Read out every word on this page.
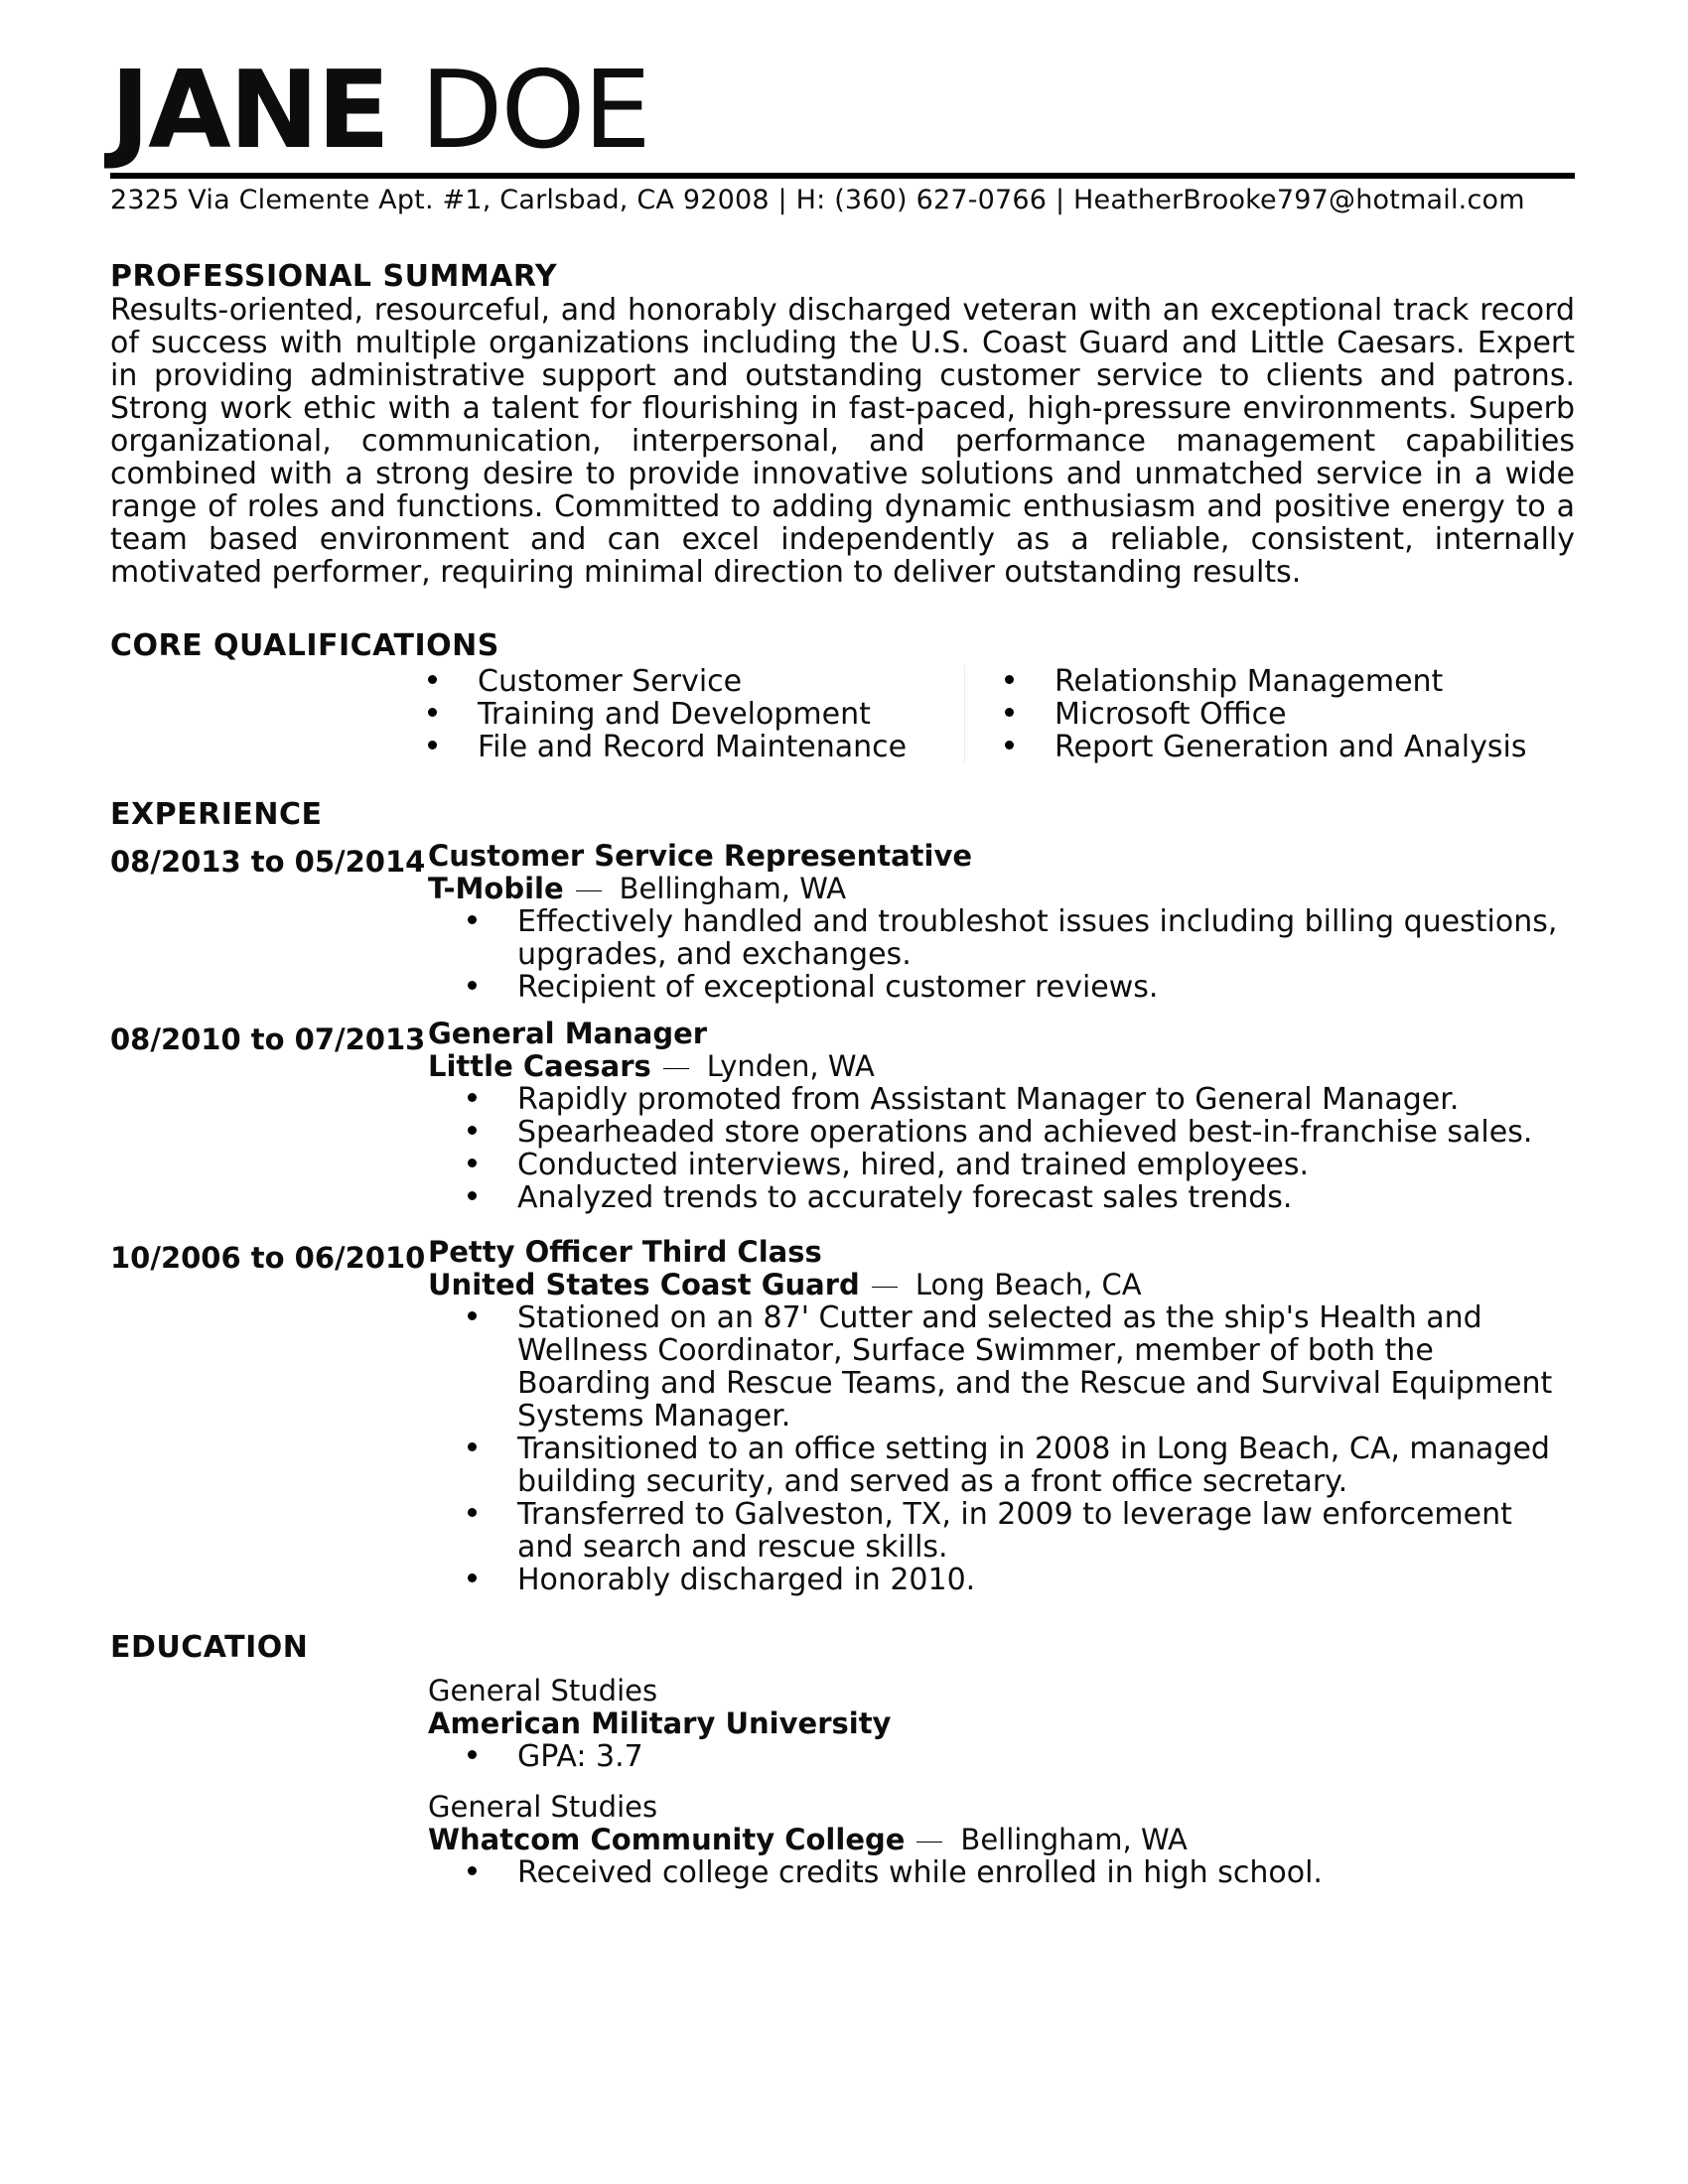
JANE DOE
2325 Via Clemente Apt. #1, Carlsbad, CA 92008 | H: (360) 627-0766 | HeatherBrooke797@hotmail.com
PROFESSIONAL SUMMARY
Results-oriented, resourceful, and honorably discharged veteran with an exceptional track record of success with multiple organizations including the U.S. Coast Guard and Little Caesars. Expert in providing administrative support and outstanding customer service to clients and patrons. Strong work ethic with a talent for flourishing in fast-paced, high-pressure environments. Superb organizational, communication, interpersonal, and performance management capabilities combined with a strong desire to provide innovative solutions and unmatched service in a wide range of roles and functions. Committed to adding dynamic enthusiasm and positive energy to a team based environment and can excel independently as a reliable, consistent, internally motivated performer, requiring minimal direction to deliver outstanding results.
CORE QUALIFICATIONS
Customer Service
Training and Development
File and Record Maintenance
Relationship Management
Microsoft Office
Report Generation and Analysis
EXPERIENCE
08/2013 to 05/2014 Customer Service Representative
T-Mobile Bellingham, WA
Effectively handled and troubleshot issues including billing questions, upgrades, and exchanges.
Recipient of exceptional customer reviews.
08/2010 to 07/2013 General Manager
Little Caesars Lynden, WA
Rapidly promoted from Assistant Manager to General Manager.
Spearheaded store operations and achieved best-in-franchise sales.
Conducted interviews, hired, and trained employees.
Analyzed trends to accurately forecast sales trends.
10/2006 to 06/2010 Petty Officer Third Class
United States Coast Guard Long Beach, CA
Stationed on an 87' Cutter and selected as the ship's Health and Wellness Coordinator, Surface Swimmer, member of both the Boarding and Rescue Teams, and the Rescue and Survival Equipment Systems Manager.
Transitioned to an office setting in 2008 in Long Beach, CA, managed building security, and served as a front office secretary.
Transferred to Galveston, TX, in 2009 to leverage law enforcement and search and rescue skills.
Honorably discharged in 2010.
EDUCATION
General Studies
American Military University
GPA: 3.7
General Studies
Whatcom Community College Bellingham, WA
Received college credits while enrolled in high school.
